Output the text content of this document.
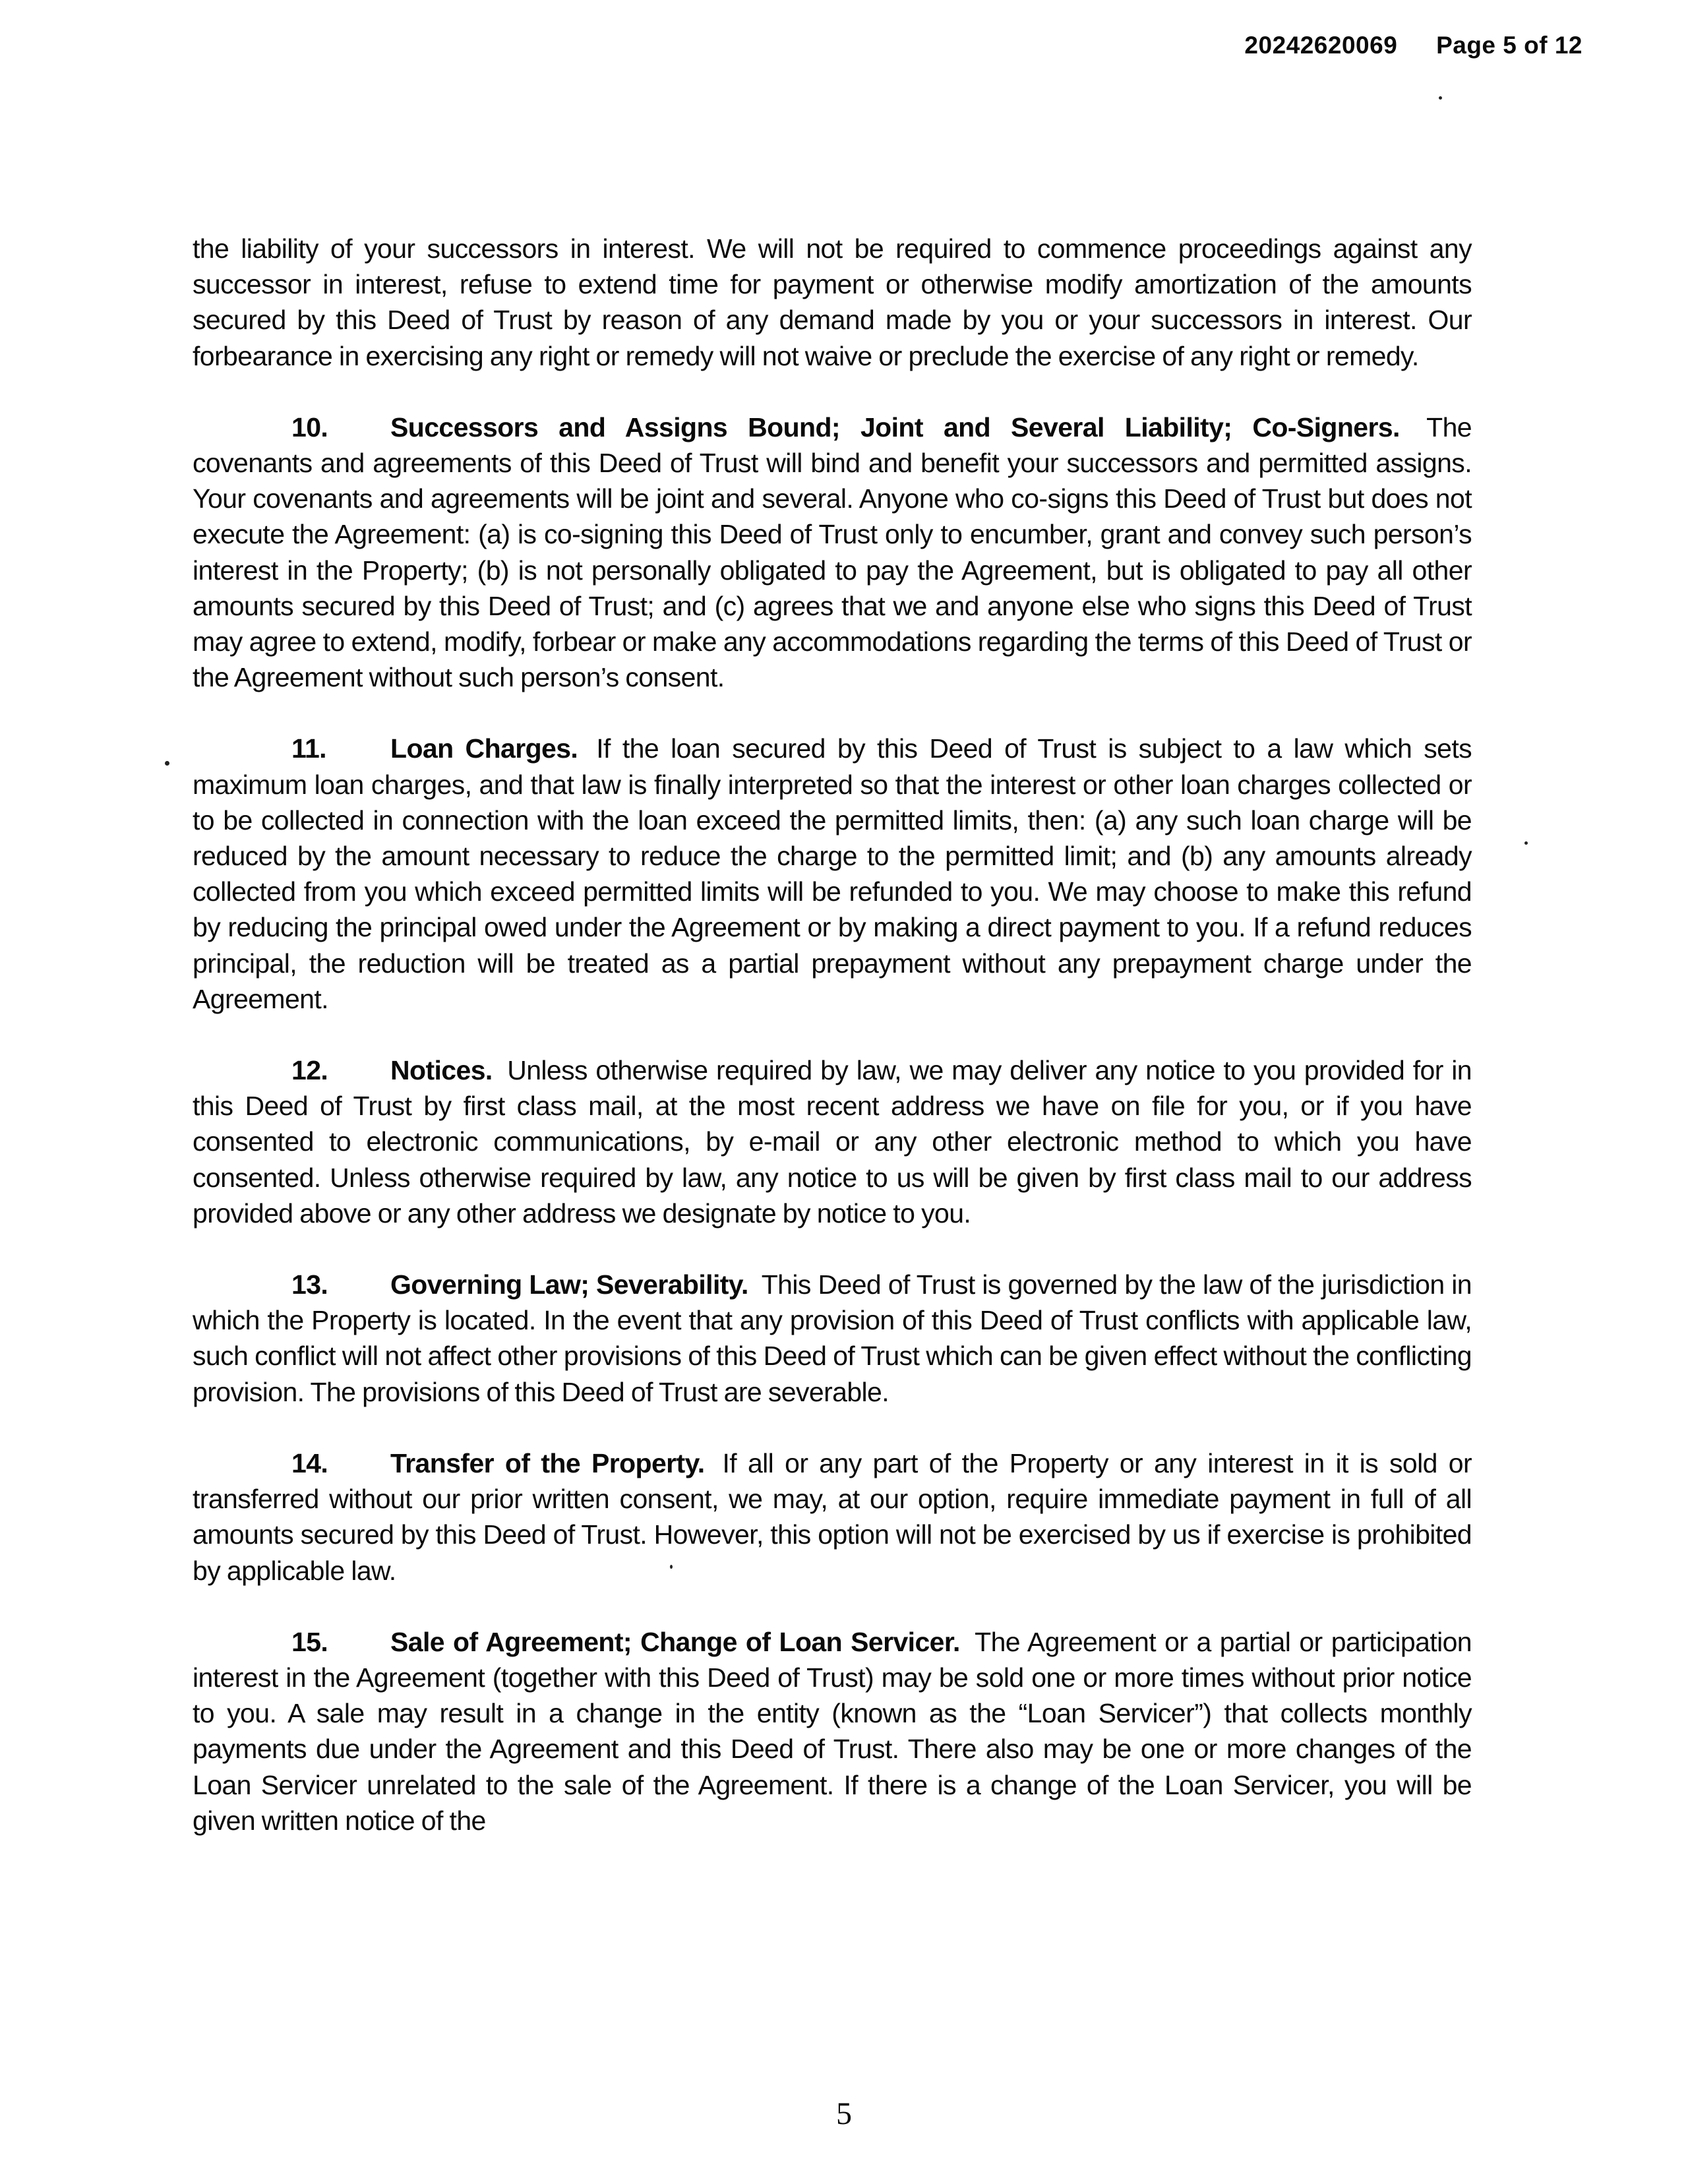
20242620069 Page 5 of 12

the liability of your successors in interest. We will not be required to commence proceedings against any successor in interest, refuse to extend time for payment or otherwise modify amortization of the amounts secured by this Deed of Trust by reason of any demand made by you or your successors in interest. Our forbearance in exercising any right or remedy will not waive or preclude the exercise of any right or remedy.

10. Successors and Assigns Bound; Joint and Several Liability; Co-Signers. The covenants and agreements of this Deed of Trust will bind and benefit your successors and permitted assigns. Your covenants and agreements will be joint and several. Anyone who co-signs this Deed of Trust but does not execute the Agreement: (a) is co-signing this Deed of Trust only to encumber, grant and convey such person’s interest in the Property; (b) is not personally obligated to pay the Agreement, but is obligated to pay all other amounts secured by this Deed of Trust; and (c) agrees that we and anyone else who signs this Deed of Trust may agree to extend, modify, forbear or make any accommodations regarding the terms of this Deed of Trust or the Agreement without such person’s consent.

11. Loan Charges. If the loan secured by this Deed of Trust is subject to a law which sets maximum loan charges, and that law is finally interpreted so that the interest or other loan charges collected or to be collected in connection with the loan exceed the permitted limits, then: (a) any such loan charge will be reduced by the amount necessary to reduce the charge to the permitted limit; and (b) any amounts already collected from you which exceed permitted limits will be refunded to you. We may choose to make this refund by reducing the principal owed under the Agreement or by making a direct payment to you. If a refund reduces principal, the reduction will be treated as a partial prepayment without any prepayment charge under the Agreement.

12. Notices. Unless otherwise required by law, we may deliver any notice to you provided for in this Deed of Trust by first class mail, at the most recent address we have on file for you, or if you have consented to electronic communications, by e-mail or any other electronic method to which you have consented. Unless otherwise required by law, any notice to us will be given by first class mail to our address provided above or any other address we designate by notice to you.

13. Governing Law; Severability. This Deed of Trust is governed by the law of the jurisdiction in which the Property is located. In the event that any provision of this Deed of Trust conflicts with applicable law, such conflict will not affect other provisions of this Deed of Trust which can be given effect without the conflicting provision. The provisions of this Deed of Trust are severable.

14. Transfer of the Property. If all or any part of the Property or any interest in it is sold or transferred without our prior written consent, we may, at our option, require immediate payment in full of all amounts secured by this Deed of Trust. However, this option will not be exercised by us if exercise is prohibited by applicable law.

15. Sale of Agreement; Change of Loan Servicer. The Agreement or a partial or participation interest in the Agreement (together with this Deed of Trust) may be sold one or more times without prior notice to you. A sale may result in a change in the entity (known as the “Loan Servicer”) that collects monthly payments due under the Agreement and this Deed of Trust. There also may be one or more changes of the Loan Servicer unrelated to the sale of the Agreement. If there is a change of the Loan Servicer, you will be given written notice of the

5
